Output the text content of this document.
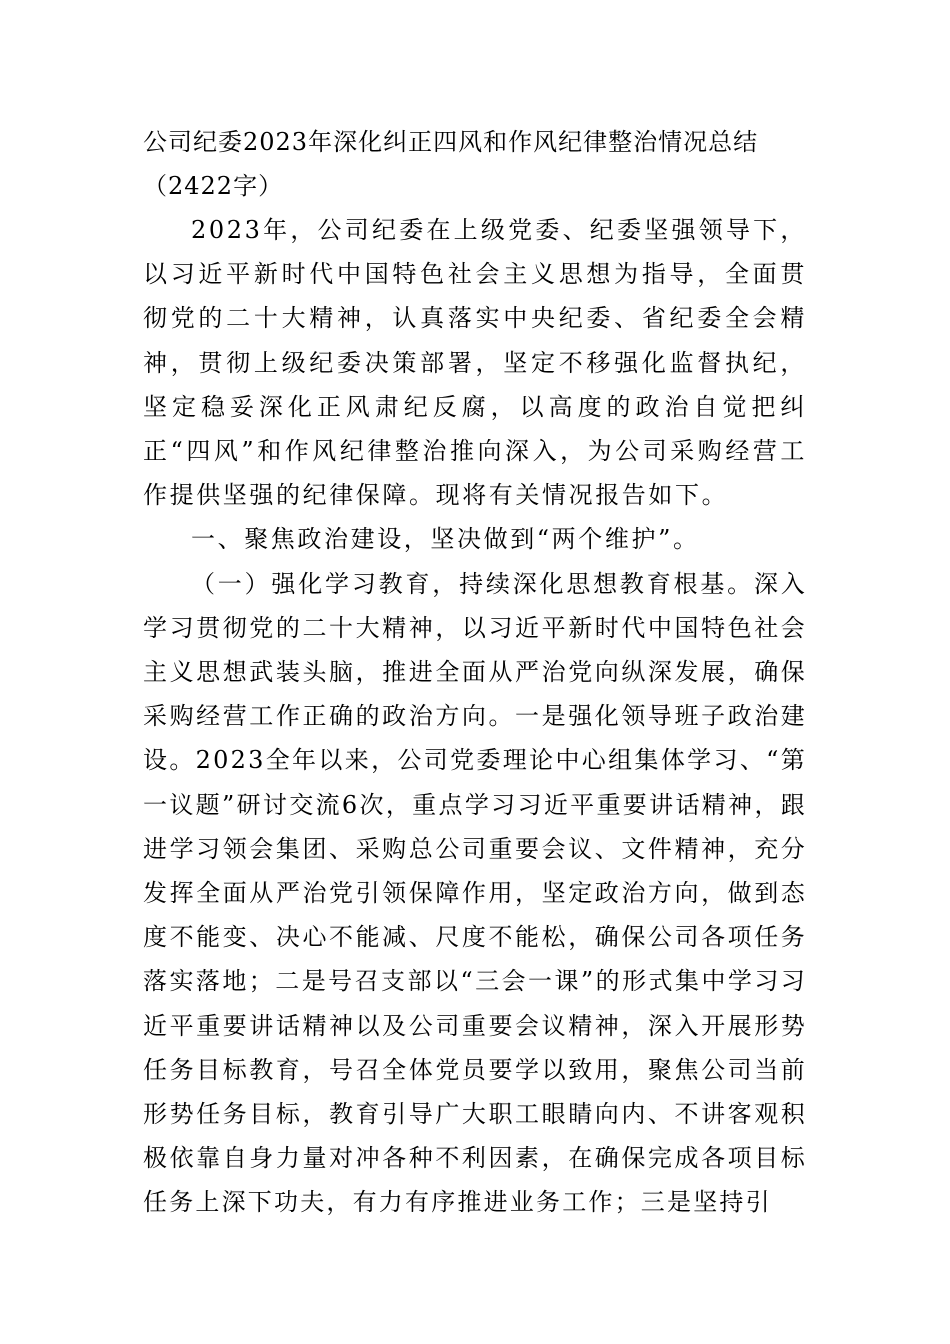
公司纪委2023年深化纠正四风和作风纪律整治情况总结
（2422字）

2023年，公司纪委在上级党委、纪委坚强领导下，以习近平新时代中国特色社会主义思想为指导，全面贯彻党的二十大精神，认真落实中央纪委、省纪委全会精神，贯彻上级纪委决策部署，坚定不移强化监督执纪，坚定稳妥深化正风肃纪反腐，以高度的政治自觉把纠正“四风”和作风纪律整治推向深入，为公司采购经营工作提供坚强的纪律保障。现将有关情况报告如下。

一、聚焦政治建设，坚决做到“两个维护”。

（一）强化学习教育，持续深化思想教育根基。深入学习贯彻党的二十大精神，以习近平新时代中国特色社会主义思想武装头脑，推进全面从严治党向纵深发展，确保采购经营工作正确的政治方向。一是强化领导班子政治建设。2023全年以来，公司党委理论中心组集体学习、“第一议题”研讨交流6次，重点学习习近平重要讲话精神，跟进学习领会集团、采购总公司重要会议、文件精神，充分发挥全面从严治党引领保障作用，坚定政治方向，做到态度不能变、决心不能减、尺度不能松，确保公司各项任务落实落地；二是号召支部以“三会一课”的形式集中学习习近平重要讲话精神以及公司重要会议精神，深入开展形势任务目标教育，号召全体党员要学以致用，聚焦公司当前形势任务目标，教育引导广大职工眼睛向内、不讲客观积极依靠自身力量对冲各种不利因素，在确保完成各项目标任务上深下功夫，有力有序推进业务工作；三是坚持引
